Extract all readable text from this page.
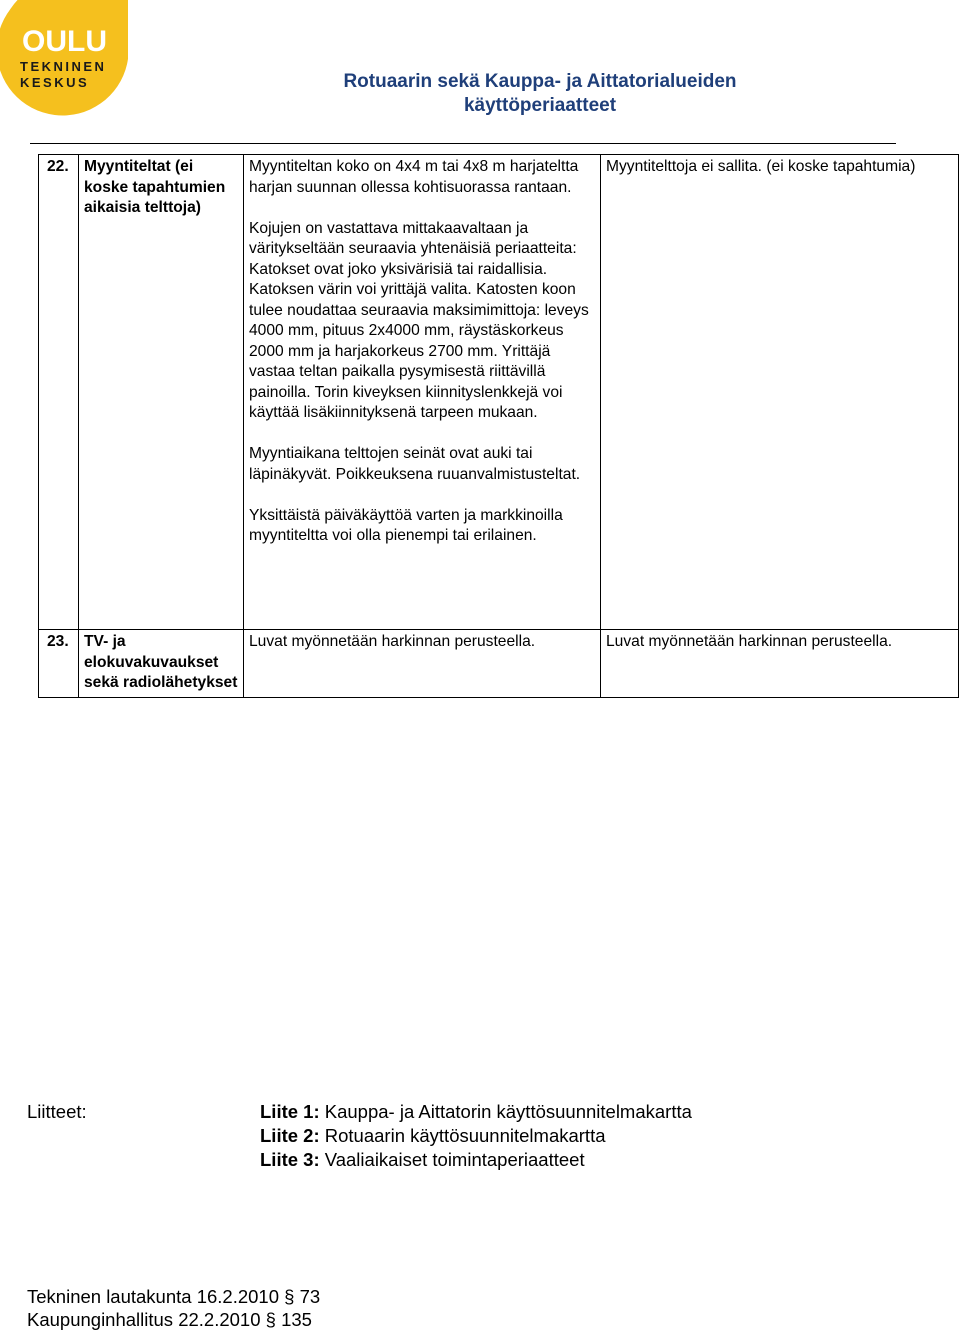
OULU
TEKNINEN
KESKUS	Rotuaarin sekä Kauppa- ja Aittatorialueiden
käyttöperiaatteet
22.	Myyntiteltat (ei koske tapahtumien aikaisia telttoja)	Myyntiteltan koko on 4x4 m tai 4x8 m harjateltta harjan suunnan ollessa kohtisuorassa rantaan.

Kojujen on vastattava mittakaavaltaan ja väritykseltään seuraavia yhtenäisiä periaatteita: Katokset ovat joko yksivärisiä tai raidallisia. Katoksen värin voi yrittäjä valita. Katosten koon tulee noudattaa seuraavia maksimimittoja: leveys 4000 mm, pituus 2x4000 mm, räystäskorkeus 2000 mm ja harjakorkeus 2700 mm. Yrittäjä vastaa teltan paikalla pysymisestä riittävillä painoilla. Torin kiveyksen kiinnityslenkkejä voi käyttää lisäkiinnityksenä tarpeen mukaan.

Myyntiaikana telttojen seinät ovat auki tai läpinäkyvät. Poikkeuksena ruuanvalmistusteltat.

Yksittäistä päiväkäyttöä varten ja markkinoilla myyntiteltta voi olla pienempi tai erilainen.	Myyntitelttoja ei sallita. (ei koske tapahtumia)
23.	TV- ja elokuvakuvaukset sekä radiolähetykset	Luvat myönnetään harkinnan perusteella.	Luvat myönnetään harkinnan perusteella.
Liitteet:	Liite 1: Kauppa- ja Aittatorin käyttösuunnitelmakartta
Liite 2: Rotuaarin käyttösuunnitelmakartta
Liite 3: Vaaliaikaiset toimintaperiaatteet
Tekninen lautakunta 16.2.2010 § 73
Kaupunginhallitus 22.2.2010 § 135
